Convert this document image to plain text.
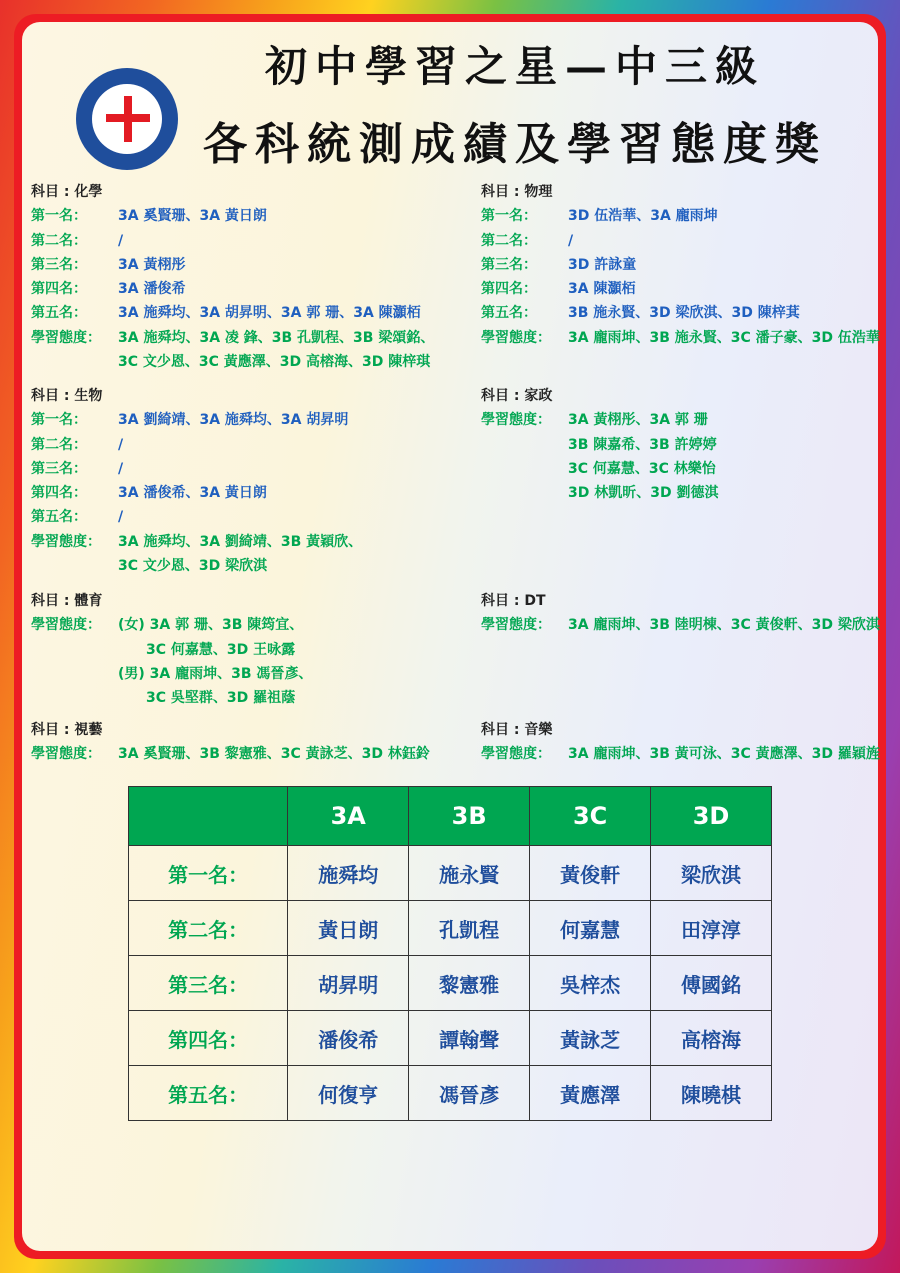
初中學習之星—中三級
各科統測成績及學習態度獎
科目 : 化學
第一名：	3A 奚賢珊、3A 黃日朗
第二名：	/
第三名：	3A 黃栩彤
第四名：	3A 潘俊希
第五名：	3A 施舜均、3A 胡昇明、3A 郭 珊、3A 陳灝栢
學習態度：	3A 施舜均、3A 凌 鋒、3B 孔凱程、3B 梁頌銘、
3C 文少恩、3C 黃應澤、3D 高榕海、3D 陳梓琪
科目 : 物理
第一名：	3D 伍浩華、3A 龐雨坤
第二名：	/
第三名：	3D 許詠童
第四名：	3A 陳灝栢
第五名：	3B 施永賢、3D 梁欣淇、3D 陳梓萁
學習態度：	3A 龐雨坤、3B 施永賢、3C 潘子豪、3D 伍浩華
科目 : 生物
第一名：	3A 劉綺靖、3A 施舜均、3A 胡昇明
第二名：	/
第三名：	/
第四名：	3A 潘俊希、3A 黃日朗
第五名：	/
學習態度：	3A 施舜均、3A 劉綺靖、3B 黃穎欣、
3C 文少恩、3D 梁欣淇
科目 : 家政
學習態度：	3A 黃栩彤、3A 郭 珊
3B 陳嘉希、3B 許婷婷
3C 何嘉慧、3C 林樂怡
3D 林凱昕、3D 劉德淇
科目 : 體育
學習態度：	(女) 3A 郭 珊、3B 陳筠宜、
3C 何嘉慧、3D 王咏露
(男) 3A 龐雨坤、3B 馮晉彥、
3C 吳堅群、3D 羅祖蔭
科目 : DT
學習態度：	3A 龐雨坤、3B 陸明棟、3C 黃俊軒、3D 梁欣淇
科目 : 視藝
學習態度：	3A 奚賢珊、3B 黎憲雅、3C 黃詠芝、3D 林鈺鈴
科目 : 音樂
學習態度：	3A 龐雨坤、3B 黃可泳、3C 黃應澤、3D 羅穎旌
	3A	3B	3C	3D
第一名：	施舜均	施永賢	黃俊軒	梁欣淇
第二名：	黃日朗	孔凱程	何嘉慧	田淳淳
第三名：	胡昇明	黎憲雅	吳梓杰	傅國銘
第四名：	潘俊希	譚翰聲	黃詠芝	高榕海
第五名：	何復亨	馮晉彥	黃應澤	陳曉棋
